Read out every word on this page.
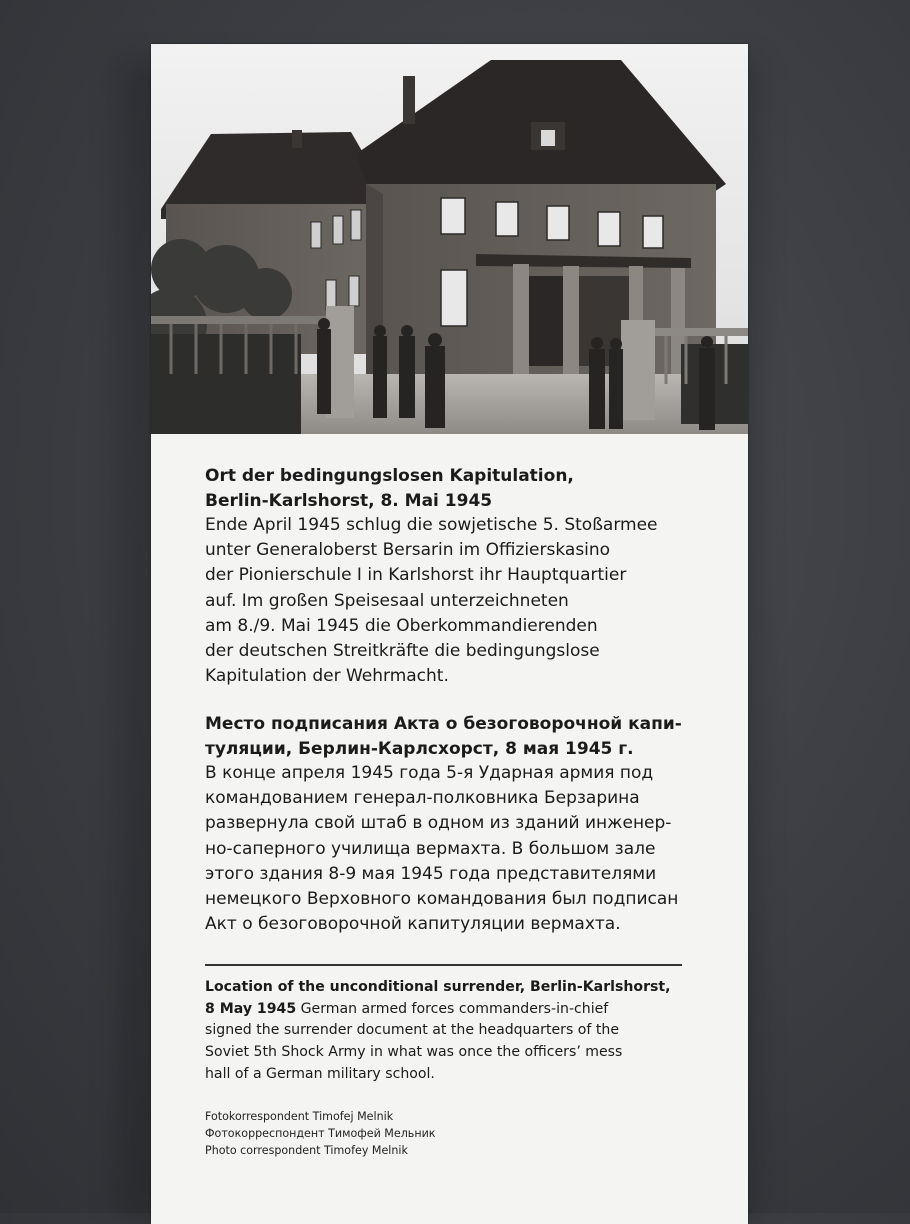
Ort der bedingungslosen Kapitulation,
Berlin-Karlshorst, 8. Mai 1945
Ende April 1945 schlug die sowjetische 5. Stoßarmee
unter Generaloberst Bersarin im Offizierskasino
der Pionierschule I in Karlshorst ihr Hauptquartier
auf. Im großen Speisesaal unterzeichneten
am 8./9. Mai 1945 die Oberkommandierenden
der deutschen Streitkräfte die bedingungslose
Kapitulation der Wehrmacht.
Место подписания Акта о безоговорочной капи-
туляции, Берлин-Карлсхорст, 8 мая 1945 г.
В конце апреля 1945 года 5-я Ударная армия под
командованием генерал-полковника Берзарина
развернула свой штаб в одном из зданий инженер-
но-саперного училища вермахта. В большом зале
этого здания 8-9 мая 1945 года представителями
немецкого Верховного командования был подписан
Акт о безоговорочной капитуляции вермахта.
Location of the unconditional surrender, Berlin-Karlshorst,
8 May 1945 German armed forces commanders-in-chief
signed the surrender document at the headquarters of the
Soviet 5th Shock Army in what was once the officers’ mess
hall of a German military school.
Fotokorrespondent Timofej Melnik
Фотокорреспондент Тимофей Мельник
Photo correspondent Timofey Melnik
